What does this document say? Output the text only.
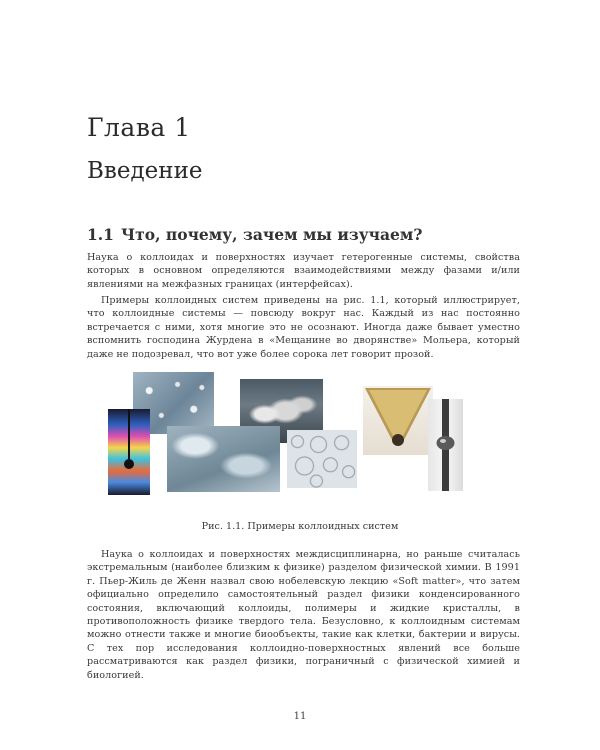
Глава 1
Введение
1.1 Что, почему, зачем мы изучаем?

Наука о коллоидах и поверхностях изучает гетерогенные системы, свойства которых в основном определяются взаимодействиями между фазами и/или явлениями на межфазных границах (интерфейсах).

Примеры коллоидных систем приведены на рис. 1.1, который иллюстрирует, что коллоидные системы — повсюду вокруг нас. Каждый из нас постоянно встречается с ними, хотя многие это не осознают. Иногда даже бывает уместно вспомнить господина Журдена в «Мещанине во дворянстве» Мольера, который даже не подозревал, что вот уже более сорока лет говорит прозой.

Рис. 1.1. Примеры коллоидных систем

Наука о коллоидах и поверхностях междисциплинарна, но раньше считалась экстремальным (наиболее близким к физике) разделом физической химии. В 1991 г. Пьер-Жиль де Женн назвал свою нобелевскую лекцию «Soft matter», что затем официально определило самостоятельный раздел физики конденсированного состояния, включающий коллоиды, полимеры и жидкие кристаллы, в противоположность физике твердого тела. Безусловно, к коллоидным системам можно отнести также и многие биообъекты, такие как клетки, бактерии и вирусы. С тех пор исследования коллоидно-поверхностных явлений все больше рассматриваются как раздел физики, пограничный с физической химией и биологией.

11
